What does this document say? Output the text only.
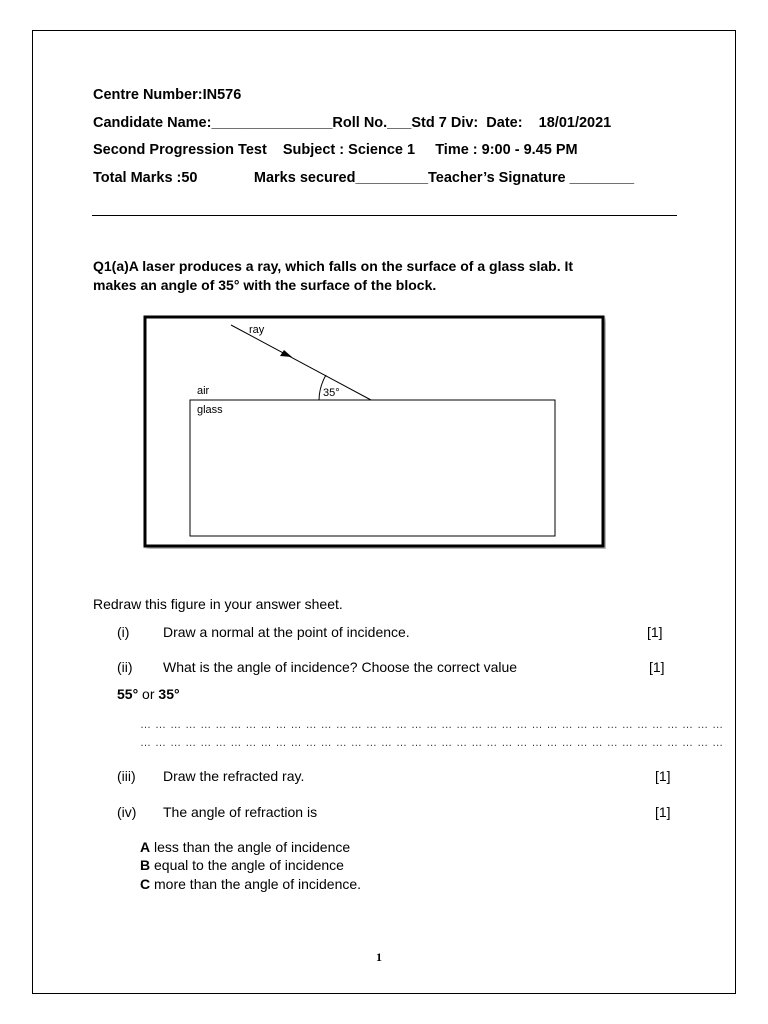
Centre Number:IN576
Candidate Name:_______________Roll No.___Std 7 Div:  Date:    18/01/2021
Second Progression Test    Subject : Science 1     Time : 9:00 - 9.45 PM
Total Marks :50              Marks secured_________Teacher’s Signature ________
Q1(a)A laser produces a ray, which falls on the surface of a glass slab. It
makes an angle of 35° with the surface of the block.
ray
35°
air
glass
Redraw this figure in your answer sheet.
(i) Draw a normal at the point of incidence.	[1]
(ii) What is the angle of incidence? Choose the correct value	[1]
55° or 35°
… … … … … … … … … … … … … … … … … … … … … … … … … … … … … … … … … … … … … … …
… … … … … … … … … … … … … … … … … … … … … … … … … … … … … … … … … … … … … … …
(iii) Draw the refracted ray.	[1]
(iv) The angle of refraction is	[1]
A less than the angle of incidence
B equal to the angle of incidence
C more than the angle of incidence.
1
